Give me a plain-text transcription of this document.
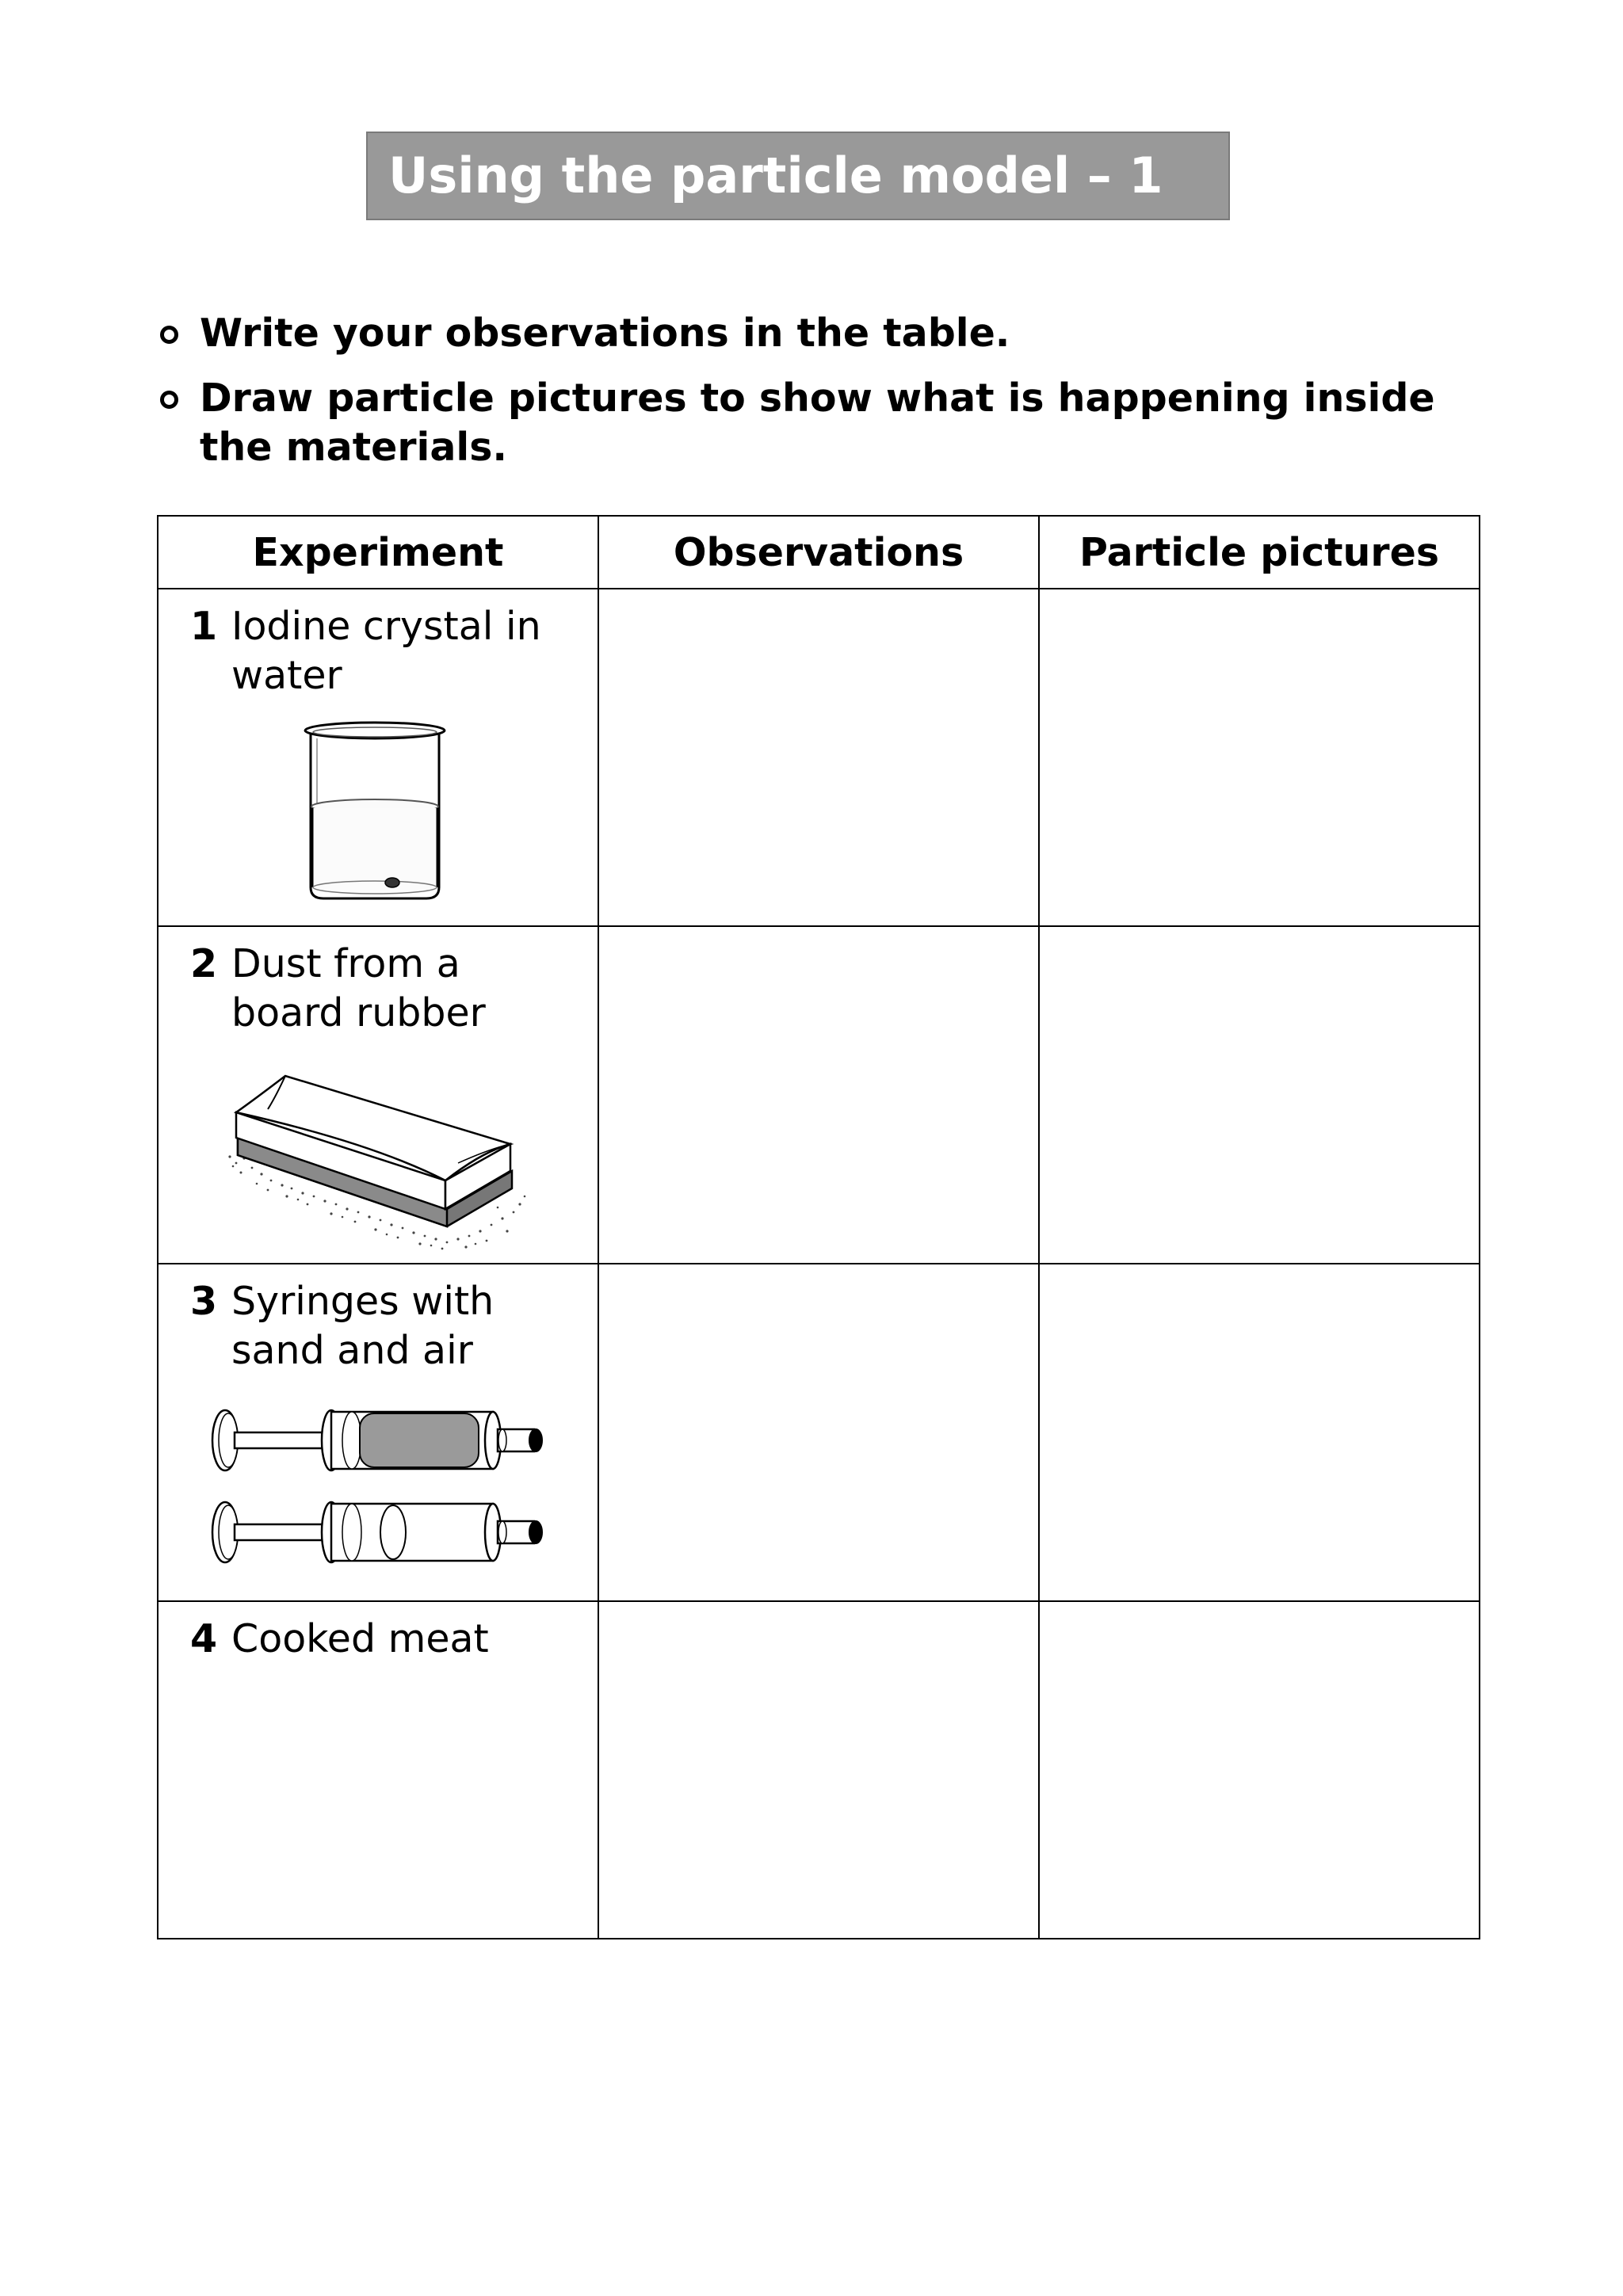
Using the particle model – 1
Write your observations in the table.
Draw particle pictures to show what is happening inside the materials.
Experiment	Observations	Particle pictures

1 Iodine crystal in water		

2 Dust from a board rubber		

3 Syringes with sand and air		

4 Cooked meat		
